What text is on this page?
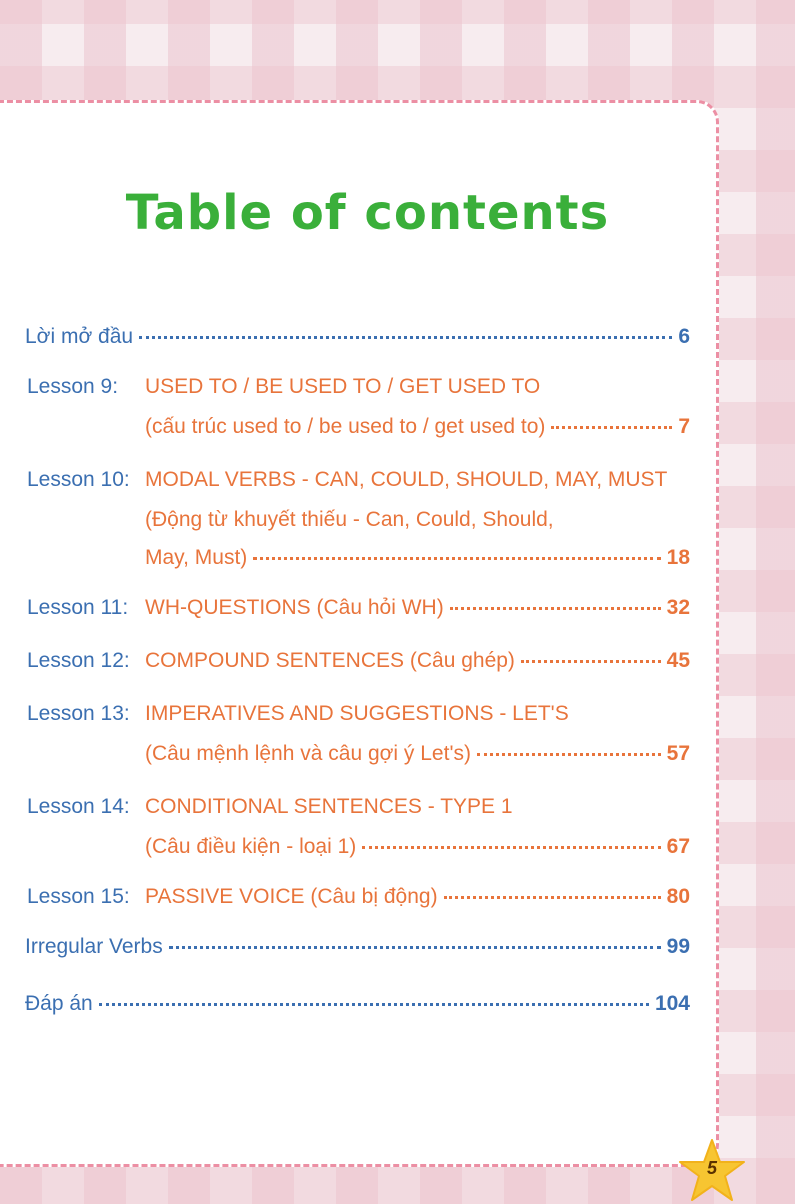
Table of contents
Lời mở đầu	6
Lesson 9: USED TO / BE USED TO / GET USED TO
(cấu trúc used to / be used to / get used to)	7
Lesson 10: MODAL VERBS - CAN, COULD, SHOULD, MAY, MUST
(Động từ khuyết thiếu - Can, Could, Should,
May, Must)	18
Lesson 11: WH-QUESTIONS (Câu hỏi WH)	32
Lesson 12: COMPOUND SENTENCES (Câu ghép)	45
Lesson 13: IMPERATIVES AND SUGGESTIONS - LET'S
(Câu mệnh lệnh và câu gợi ý Let's)	57
Lesson 14: CONDITIONAL SENTENCES - TYPE 1
(Câu điều kiện - loại 1)	67
Lesson 15: PASSIVE VOICE (Câu bị động)	80
Irregular Verbs	99
Đáp án	104
5
